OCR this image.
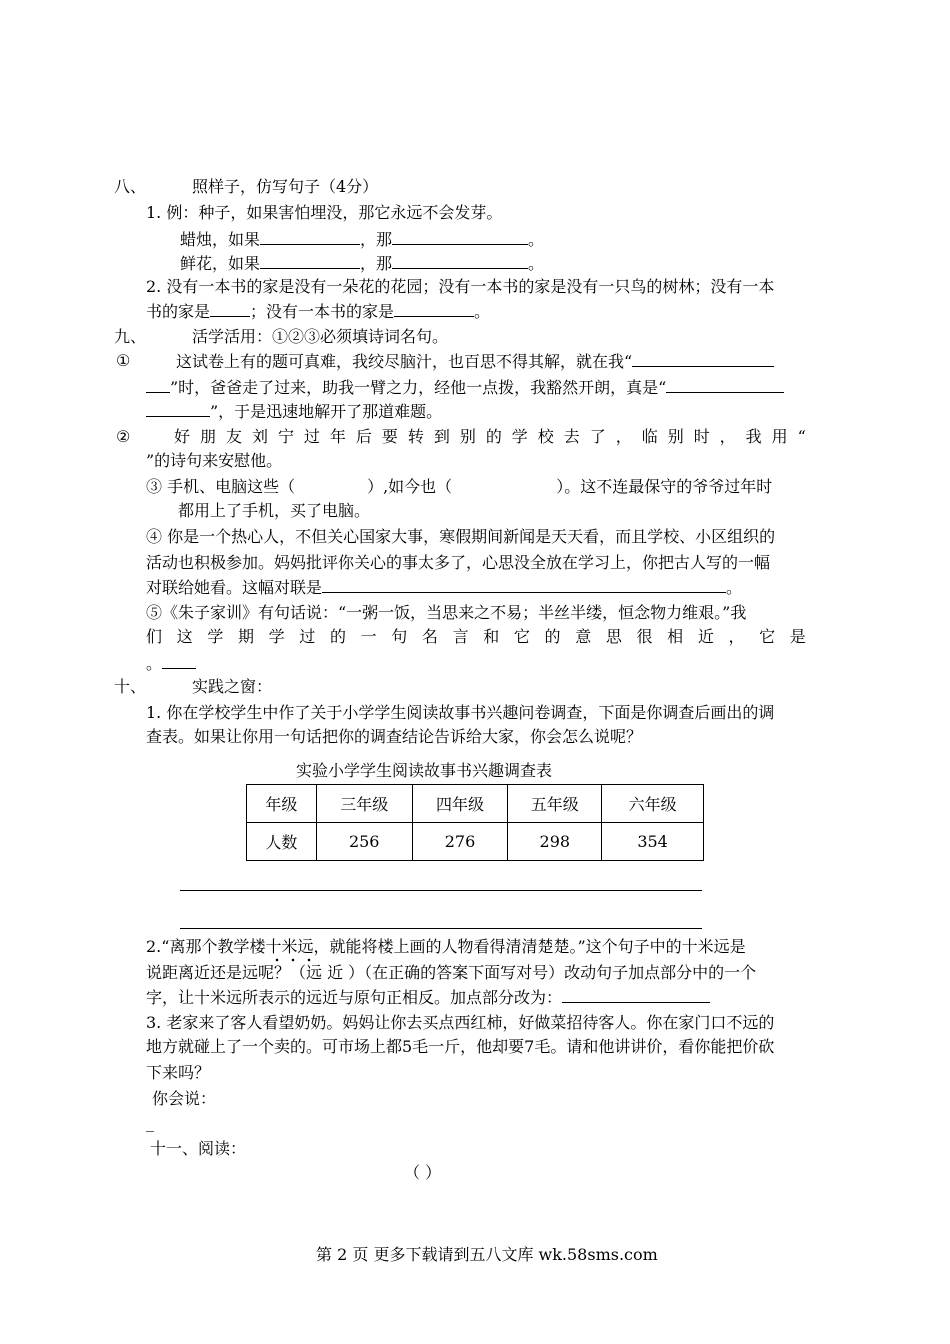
八、	照样子，仿写句子（4分）
1. 例：种子，如果害怕埋没，那它永远不会发芽。
蜡烛，如果	，那	。
鲜花，如果	，那	。
2. 没有一本书的家是没有一朵花的花园；没有一本书的家是没有一只鸟的树林；没有一本
书的家是	；没有一本书的家是	。
九、	活学活用：①②③必须填诗词名句。
①	这试卷上有的题可真难，我绞尽脑汁，也百思不得其解，就在我“
”时，爸爸走了过来，助我一臂之力，经他一点拨，我豁然开朗，真是“
”，于是迅速地解开了那道难题。
②	好 朋 友 刘 宁 过 年 后 要 转 到 别 的 学 校 去 了 ， 临 别 时 ， 我 用 “
”的诗句来安慰他。
③ 手机、电脑这些（	）,如今也（	）。这不连最保守的爷爷过年时
都用上了手机，买了电脑。
④ 你是一个热心人，不但关心国家大事，寒假期间新闻是天天看，而且学校、小区组织的
活动也积极参加。妈妈批评你关心的事太多了，心思没全放在学习上，你把古人写的一幅
对联给她看。这幅对联是	。
⑤《朱子家训》有句话说：“一粥一饭，当思来之不易；半丝半缕，恒念物力维艰。”我
们 这 学 期 学 过 的 一 句 名 言 和 它 的 意 思 很 相 近 ， 它 是
。
十、	实践之窗：
1. 你在学校学生中作了关于小学学生阅读故事书兴趣问卷调查，下面是你调查后画出的调
查表。如果让你用一句话把你的调查结论告诉给大家，你会怎么说呢？
实验小学学生阅读故事书兴趣调查表
年级	三年级	四年级	五年级	六年级
人数	256	276	298	354
2.“离那个教学楼十米远，就能将楼上画的人物看得清清楚楚。”这个句子中的十米远是
说距离近还是远呢？（远 近 ）（在正确的答案下面写对号）改动句子加点部分中的一个
字，让十米远所表示的远近与原句正相反。加点部分改为：
3. 老家来了客人看望奶奶。妈妈让你去买点西红柿，好做菜招待客人。你在家门口不远的
地方就碰上了一个卖的。可市场上都5毛一斤，他却要7毛。请和他讲讲价，看你能把价砍
下来吗？
你会说：
_
十一、阅读：
（ ）
第 2 页 更多下载请到五八文库 wk.58sms.com
